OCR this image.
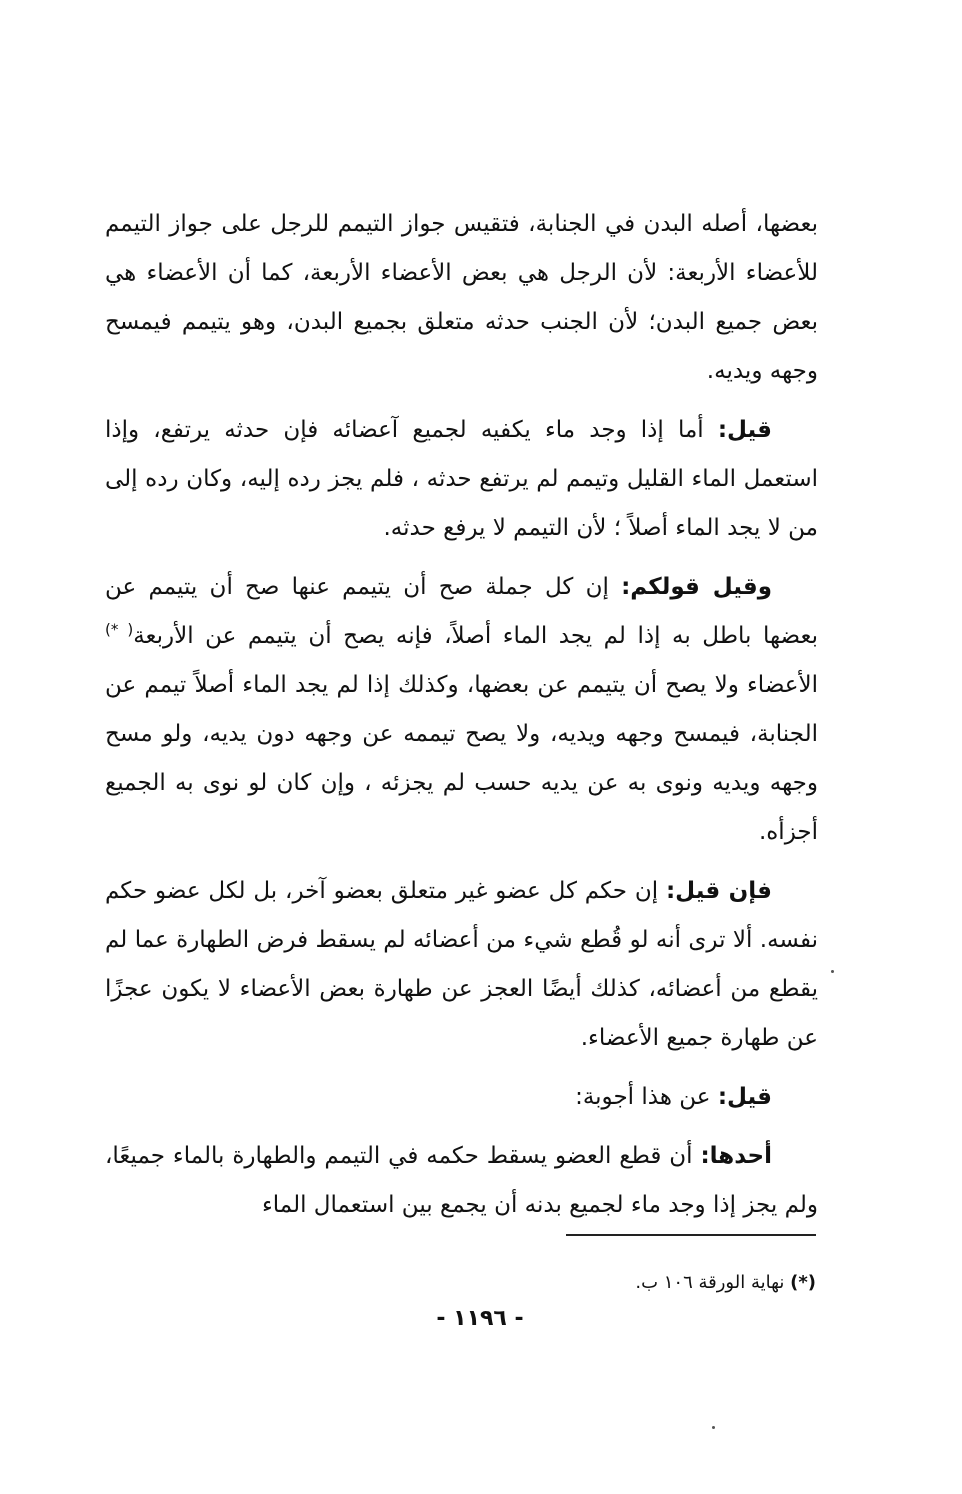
بعضها، أصله البدن في الجنابة، فتقيس جواز التيمم للرجل على جواز التيمم للأعضاء الأربعة: لأن الرجل هي بعض الأعضاء الأربعة، كما أن الأعضاء هي بعض جميع البدن؛ لأن الجنب حدثه متعلق بجميع البدن، وهو يتيمم فيمسح وجهه ويديه.

قيل: أما إذا وجد ماء يكفيه لجميع آعضائه فإن حدثه يرتفع، وإذا استعمل الماء القليل وتيمم لم يرتفع حدثه ، فلم يجز رده إليه، وكان رده إلى من لا يجد الماء أصلاً ؛ لأن التيمم لا يرفع حدثه.

وقيل قولكم: إن كل جملة صح أن يتيمم عنها صح أن يتيمم عن بعضها باطل به إذا لم يجد الماء أصلاً، فإنه يصح أن يتيمم عن الأربعة( *) الأعضاء ولا يصح أن يتيمم عن بعضها، وكذلك إذا لم يجد الماء أصلاً تيمم عن الجنابة، فيمسح وجهه ويديه، ولا يصح تيممه عن وجهه دون يديه، ولو مسح وجهه ويديه ونوى به عن يديه حسب لم يجزئه ، وإن كان لو نوى به الجميع أجزأه.

فإن قيل: إن حكم كل عضو غير متعلق بعضو آخر، بل لكل عضو حكم نفسه. ألا ترى أنه لو قُطع شيء من أعضائه لم يسقط فرض الطهارة عما لم يقطع من أعضائه، كذلك أيضًا العجز عن طهارة بعض الأعضاء لا يكون عجزًا عن طهارة جميع الأعضاء.

قيل: عن هذا أجوبة:

أحدها: أن قطع العضو يسقط حكمه في التيمم والطهارة بالماء جميعًا، ولم يجز إذا وجد ماء لجميع بدنه أن يجمع بين استعمال الماء

(*) نهاية الورقة ١٠٦ ب.
- ١١٩٦ -
